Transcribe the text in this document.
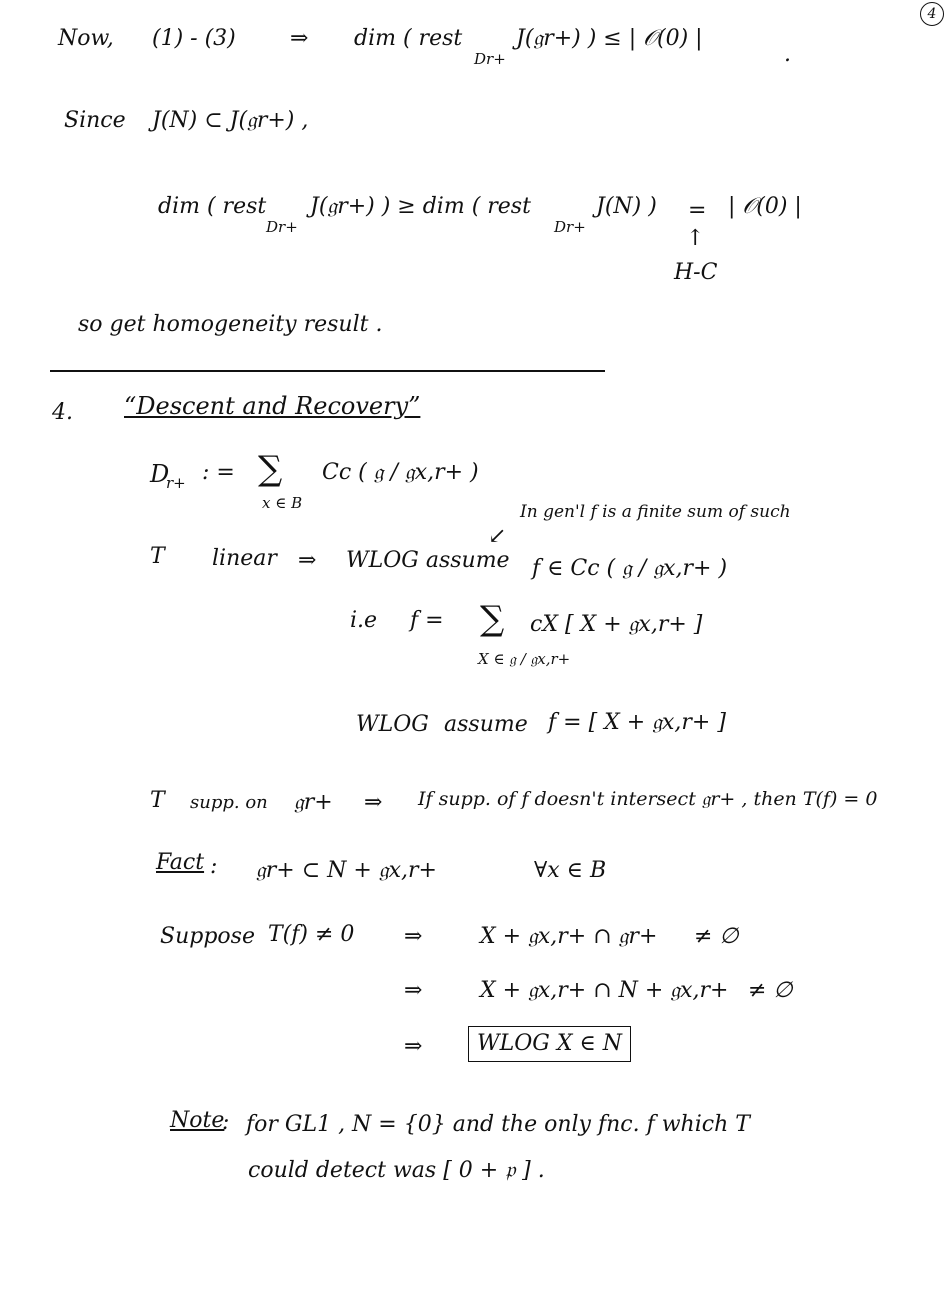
4
Now, (1) - (3) ⇒ dim ( rest
Dr+
J(𝔤r+) ) ≤ | 𝒪(0) |
.
Since J(N) ⊂ J(𝔤r+) ,
dim ( rest
Dr+
J(𝔤r+) ) ≥ dim ( rest
Dr+
J(N) ) = | 𝒪(0) |
↑
H-C
so get homogeneity result .
4. “Descent and Recovery”
D
r+ : = ∑
x ∈ B
Cc ( 𝔤 / 𝔤x,r+ )
In gen'l f is a finite sum of such
↙
T linear ⇒ WLOG assume f ∈ Cc ( 𝔤 / 𝔤x,r+ )
i.e f = ∑
X ∈ 𝔤 / 𝔤x,r+
cX [ X + 𝔤x,r+ ]
WLOG assume f = [ X + 𝔤x,r+ ]
T supp. on 𝔤r+ ⇒ If supp. of f doesn't intersect 𝔤r+ , then T(f) = 0
Fact : 𝔤r+ ⊂ N + 𝔤x,r+	∀x ∈ B
Suppose T(f) ≠ 0 ⇒	X + 𝔤x,r+ ∩ 𝔤r+ ≠ ∅
⇒	X + 𝔤x,r+ ∩ N + 𝔤x,r+ ≠ ∅
⇒	WLOG X ∈ N
Note
: for GL1 , N = {0} and the only fnc. f which T
could detect was [ 0 + 𝔭 ] .
